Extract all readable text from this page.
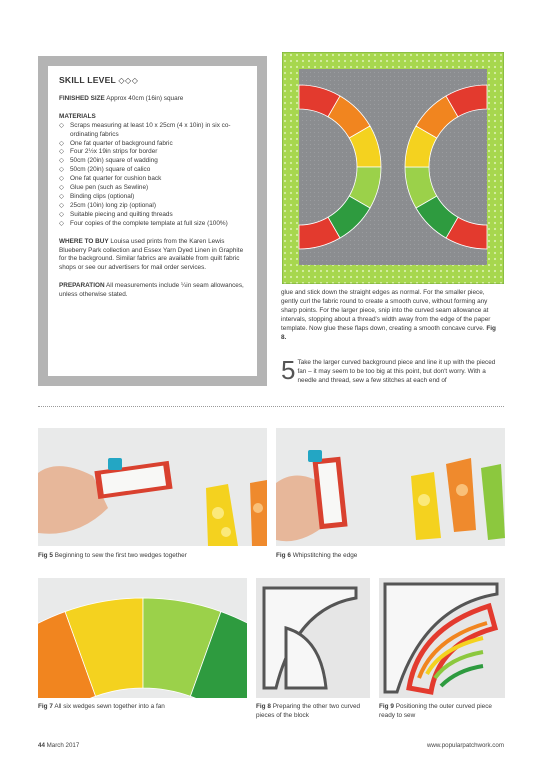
SKILL LEVEL ◇◇◇
FINISHED SIZE Approx 40cm (16in) square
MATERIALS
◇ Scraps measuring at least 10 x 25cm (4 x 10in) in six co-ordinating fabrics
◇ One fat quarter of background fabric
◇ Four 2½x 19in strips for border
◇ 50cm (20in) square of wadding
◇ 50cm (20in) square of calico
◇ One fat quarter for cushion back
◇ Glue pen (such as Sewline)
◇ Binding clips (optional)
◇ 25cm (10in) long zip (optional)
◇ Suitable piecing and quilting threads
◇ Four copies of the complete template at full size (100%)
WHERE TO BUY Louisa used prints from the Karen Lewis Blueberry Park collection and Essex Yarn Dyed Linen in Graphite for the background. Similar fabrics are available from quilt fabric shops or see our advertisers for mail order services.
PREPARATION All measurements include ¼in seam allowances, unless otherwise stated.	glue and stick down the straight edges as normal. For the smaller piece, gently curl the fabric round to create a smooth curve, without forming any sharp points. For the larger piece, snip into the curved seam allowance at intervals, stopping about a thread's width away from the edge of the paper template. Now glue these flaps down, creating a smooth concave curve. Fig 8.
5 Take the larger curved background piece and line it up with the pieced fan – it may seem to be too big at this point, but don't worry. With a needle and thread, sew a few stitches at each end of
Fig 5 Beginning to sew the first two wedges together	Fig 6 Whipstitching the edge
Fig 7 All six wedges sewn together into a fan	Fig 8 Preparing the other two curved pieces of the block
Fig 9 Positioning the outer curved piece ready to sew
44 March 2017	www.popularpatchwork.com
